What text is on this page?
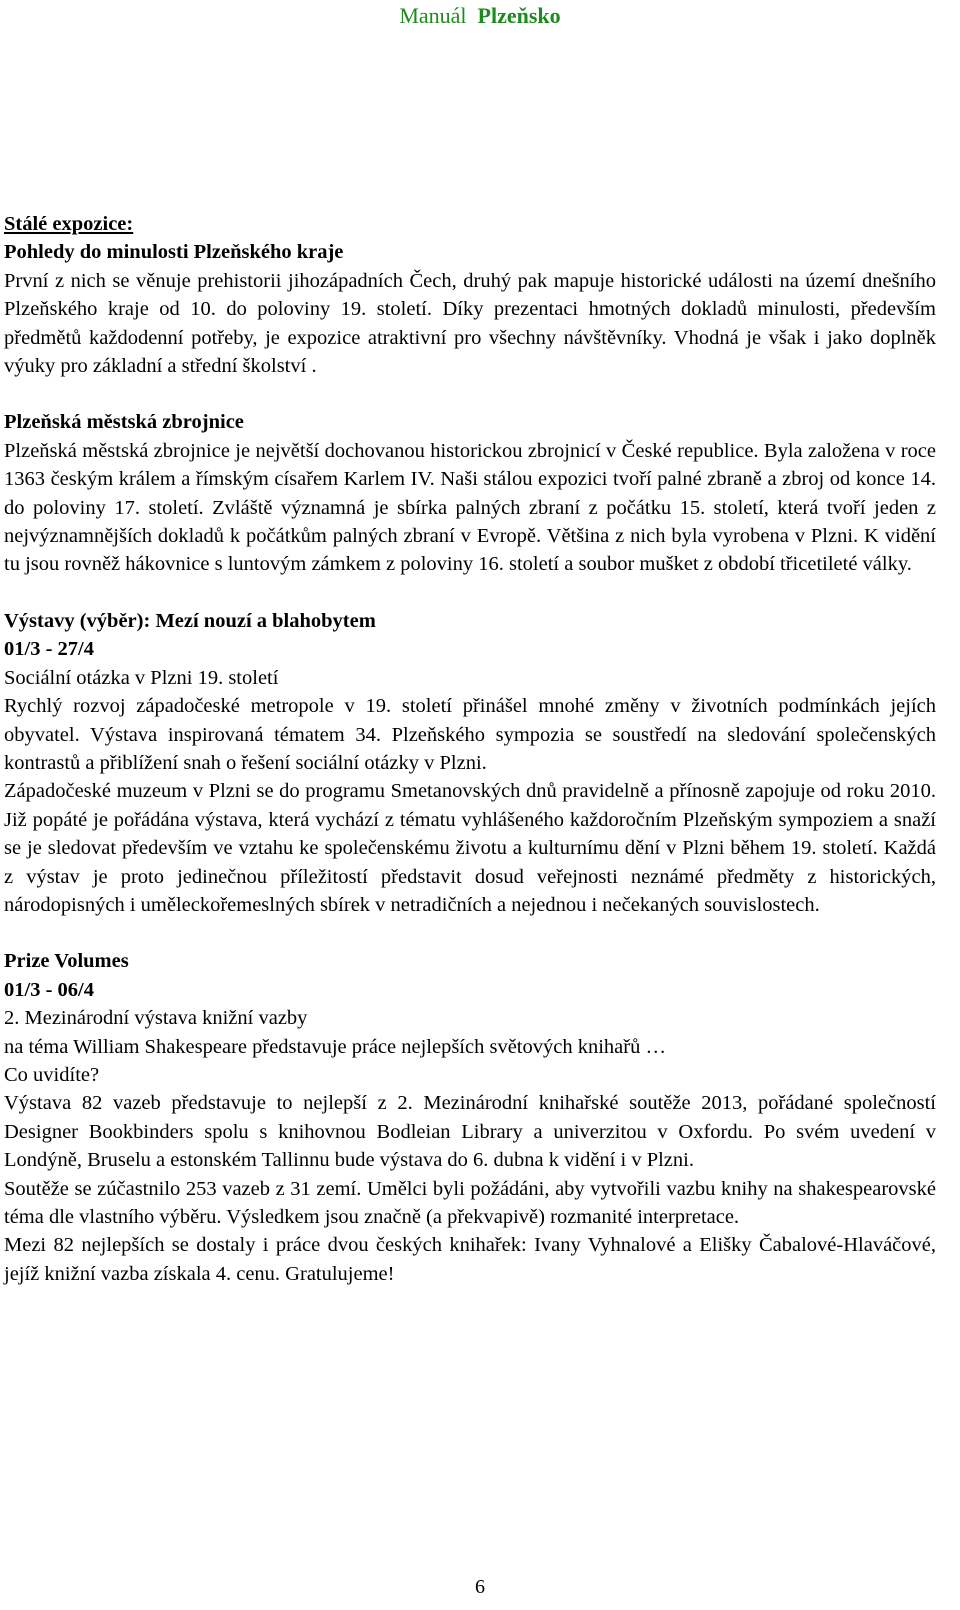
Manuál Plzeňsko
Stálé expozice:
Pohledy do minulosti Plzeňského kraje

První z nich se věnuje prehistorii jihozápadních Čech, druhý pak mapuje historické události na území dnešního Plzeňského kraje od 10. do poloviny 19. století. Díky prezentaci hmotných dokladů minulosti, především předmětů každodenní potřeby, je expozice atraktivní pro všechny návštěvníky. Vhodná je však i jako doplněk výuky pro základní a střední školství .

Plzeňská městská zbrojnice

Plzeňská městská zbrojnice je největší dochovanou historickou zbrojnicí v České republice. Byla založena v roce 1363 českým králem a římským císařem Karlem IV. Naši stálou expozici tvoří palné zbraně a zbroj od konce 14. do poloviny 17. století. Zvláště významná je sbírka palných zbraní z počátku 15. století, která tvoří jeden z nejvýznamnějších dokladů k počátkům palných zbraní v Evropě. Většina z nich byla vyrobena v Plzni. K vidění tu jsou rovněž hákovnice s luntovým zámkem z poloviny 16. století a soubor mušket z období třicetileté války.

Výstavy (výběr): Mezí nouzí a blahobytem
01/3 - 27/4
Sociální otázka v Plzni 19. století

Rychlý rozvoj západočeské metropole v 19. století přinášel mnohé změny v životních podmínkách jejích obyvatel. Výstava inspirovaná tématem 34. Plzeňského sympozia se soustředí na sledování společenských kontrastů a přiblížení snah o řešení sociální otázky v Plzni.

Západočeské muzeum v Plzni se do programu Smetanovských dnů pravidelně a přínosně zapojuje od roku 2010. Již popáté je pořádána výstava, která vychází z tématu vyhlášeného každoročním Plzeňským sympoziem a snaží se je sledovat především ve vztahu ke společenskému životu a kulturnímu dění v Plzni během 19. století. Každá z výstav je proto jedinečnou příležitostí představit dosud veřejnosti neznámé předměty z historických, národopisných i uměleckořemeslných sbírek v netradičních a nejednou i nečekaných souvislostech.

Prize Volumes
01/3 - 06/4
2. Mezinárodní výstava knižní vazby
na téma William Shakespeare představuje práce nejlepších světových knihařů …
Co uvidíte?

Výstava 82 vazeb představuje to nejlepší z 2. Mezinárodní knihařské soutěže 2013, pořádané společností Designer Bookbinders spolu s knihovnou Bodleian Library a univerzitou v Oxfordu. Po svém uvedení v Londýně, Bruselu a estonském Tallinnu bude výstava do 6. dubna k vidění i v Plzni.

Soutěže se zúčastnilo 253 vazeb z 31 zemí. Umělci byli požádáni, aby vytvořili vazbu knihy na shakespearovské téma dle vlastního výběru. Výsledkem jsou značně (a překvapivě) rozmanité interpretace.

Mezi 82 nejlepších se dostaly i práce dvou českých knihařek: Ivany Vyhnalové a Elišky Čabalové-Hlaváčové, jejíž knižní vazba získala 4. cenu. Gratulujeme!

6
